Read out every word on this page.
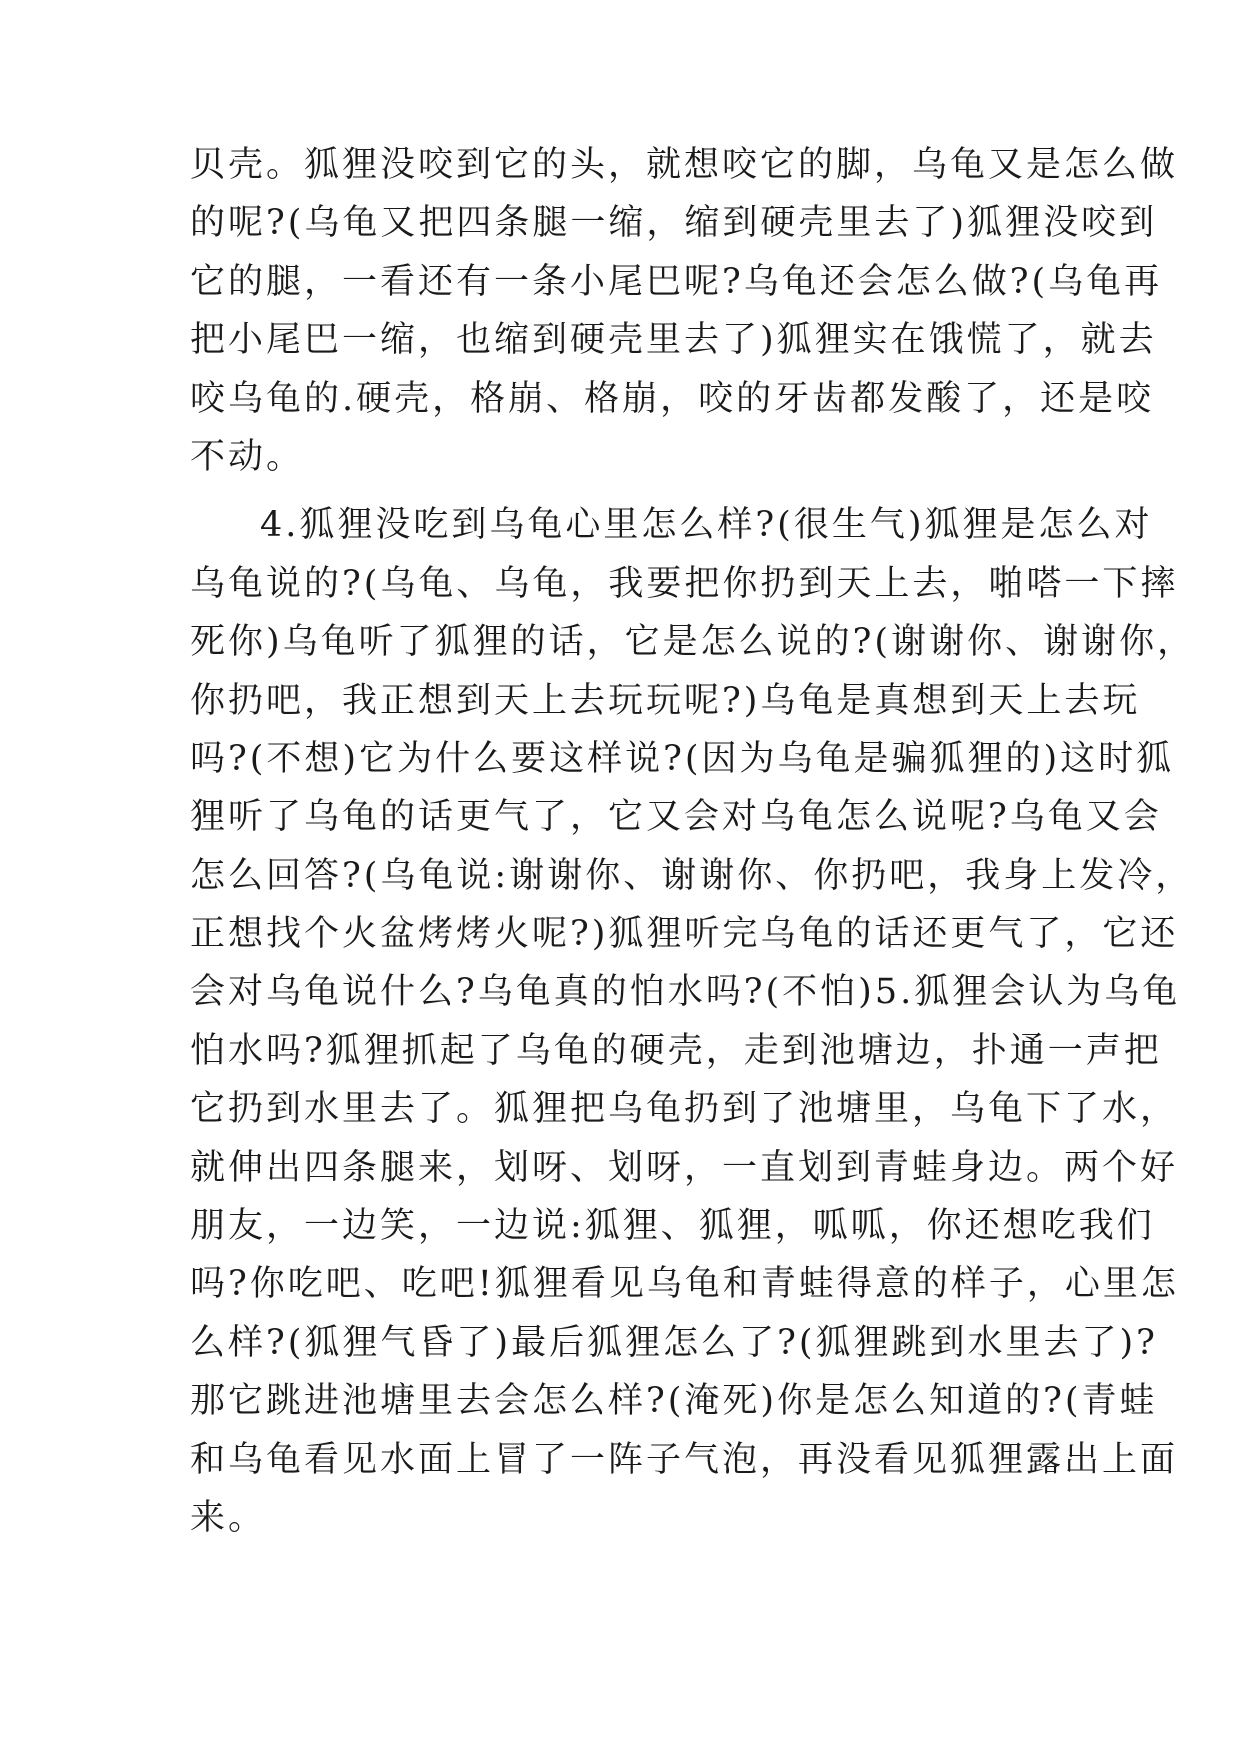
贝壳。狐狸没咬到它的头，就想咬它的脚，乌龟又是怎么做
的呢?(乌龟又把四条腿一缩，缩到硬壳里去了)狐狸没咬到
它的腿，一看还有一条小尾巴呢?乌龟还会怎么做?(乌龟再
把小尾巴一缩，也缩到硬壳里去了)狐狸实在饿慌了，就去
咬乌龟的.硬壳，格崩、格崩，咬的牙齿都发酸了，还是咬
不动。
4.狐狸没吃到乌龟心里怎么样?(很生气)狐狸是怎么对
乌龟说的?(乌龟、乌龟，我要把你扔到天上去，啪嗒一下摔
死你)乌龟听了狐狸的话，它是怎么说的?(谢谢你、谢谢你，
你扔吧，我正想到天上去玩玩呢?)乌龟是真想到天上去玩
吗?(不想)它为什么要这样说?(因为乌龟是骗狐狸的)这时狐
狸听了乌龟的话更气了，它又会对乌龟怎么说呢?乌龟又会
怎么回答?(乌龟说:谢谢你、谢谢你、你扔吧，我身上发冷，
正想找个火盆烤烤火呢?)狐狸听完乌龟的话还更气了，它还
会对乌龟说什么?乌龟真的怕水吗?(不怕)5.狐狸会认为乌龟
怕水吗?狐狸抓起了乌龟的硬壳，走到池塘边，扑通一声把
它扔到水里去了。狐狸把乌龟扔到了池塘里，乌龟下了水，
就伸出四条腿来，划呀、划呀，一直划到青蛙身边。两个好
朋友，一边笑，一边说:狐狸、狐狸，呱呱，你还想吃我们
吗?你吃吧、吃吧!狐狸看见乌龟和青蛙得意的样子，心里怎
么样?(狐狸气昏了)最后狐狸怎么了?(狐狸跳到水里去了)?
那它跳进池塘里去会怎么样?(淹死)你是怎么知道的?(青蛙
和乌龟看见水面上冒了一阵子气泡，再没看见狐狸露出上面
来。
